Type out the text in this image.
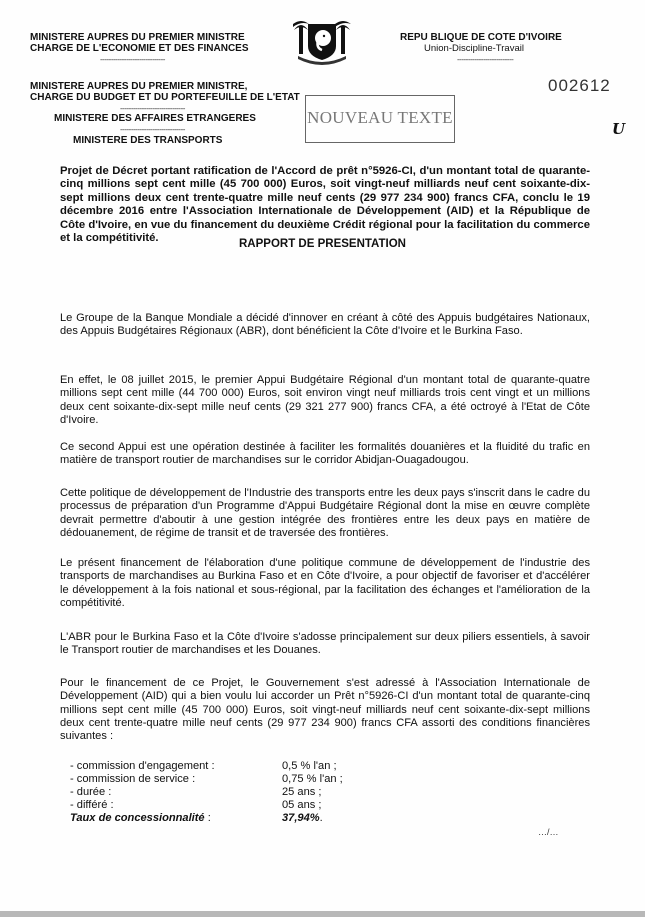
MINISTERE AUPRES DU PREMIER MINISTRE
CHARGE DE L'ECONOMIE ET DES FINANCES
------------------------------
MINISTERE AUPRES DU PREMIER MINISTRE,
CHARGE DU BUDGET ET DU PORTEFEUILLE DE L'ETAT
------------------------------
MINISTERE DES AFFAIRES ETRANGERES
------------------------------
MINISTERE DES TRANSPORTS
REPU BLIQUE DE COTE D'IVOIRE
Union-Discipline-Travail
--------------------------
NOUVEAU TEXTE
002612
U
Projet de Décret portant ratification de l'Accord de prêt n°5926-CI, d'un montant total de quarante-cinq millions sept cent mille (45 700 000) Euros, soit vingt-neuf milliards neuf cent soixante-dix-sept millions deux cent trente-quatre mille neuf cents (29 977 234 900) francs CFA, conclu le 19 décembre 2016 entre l'Association Internationale de Développement (AID) et la République de Côte d'Ivoire, en vue du financement du deuxième Crédit régional pour la facilitation du commerce et la compétitivité.	RAPPORT DE PRESENTATION
Le Groupe de la Banque Mondiale a décidé d'innover en créant à côté des Appuis budgétaires Nationaux, des Appuis Budgétaires Régionaux (ABR), dont bénéficient la Côte d'Ivoire et le Burkina Faso.
En effet, le 08 juillet 2015, le premier Appui Budgétaire Régional d'un montant total de quarante-quatre millions sept cent mille (44 700 000) Euros, soit environ vingt neuf milliards trois cent vingt et un millions deux cent soixante-dix-sept mille neuf cents (29 321 277 900) francs CFA, a été octroyé à l'Etat de Côte d'Ivoire.
Ce second Appui est une opération destinée à faciliter les formalités douanières et la fluidité du trafic en matière de transport routier de marchandises sur le corridor Abidjan-Ouagadougou.
Cette politique de développement de l'Industrie des transports entre les deux pays s'inscrit dans le cadre du processus de préparation d'un Programme d'Appui Budgétaire Régional dont la mise en œuvre complète devrait permettre d'aboutir à une gestion intégrée des frontières entre les deux pays en matière de dédouanement, de régime de transit et de traversée des frontières.
Le présent financement de l'élaboration d'une politique commune de développement de l'industrie des transports de marchandises au Burkina Faso et en Côte d'Ivoire, a pour objectif de favoriser et d'accélérer le développement à la fois national et sous-régional, par la facilitation des échanges et l'amélioration de la compétitivité.
L'ABR pour le Burkina Faso et la Côte d'Ivoire s'adosse principalement sur deux piliers essentiels, à savoir le Transport routier de marchandises et les Douanes.
Pour le financement de ce Projet, le Gouvernement s'est adressé à l'Association Internationale de Développement (AID) qui a bien voulu lui accorder un Prêt n°5926-CI d'un montant total de quarante-cinq millions sept cent mille (45 700 000) Euros, soit vingt-neuf milliards neuf cent soixante-dix-sept millions deux cent trente-quatre mille neuf cents (29 977 234 900) francs CFA assorti des conditions financières suivantes :
- commission d'engagement :	0,5 % l'an ;
- commission de service :	0,75 % l'an ;
- durée :	25 ans ;
- différé :	05 ans ;
Taux de concessionnalité :	37,94%.
…/…
